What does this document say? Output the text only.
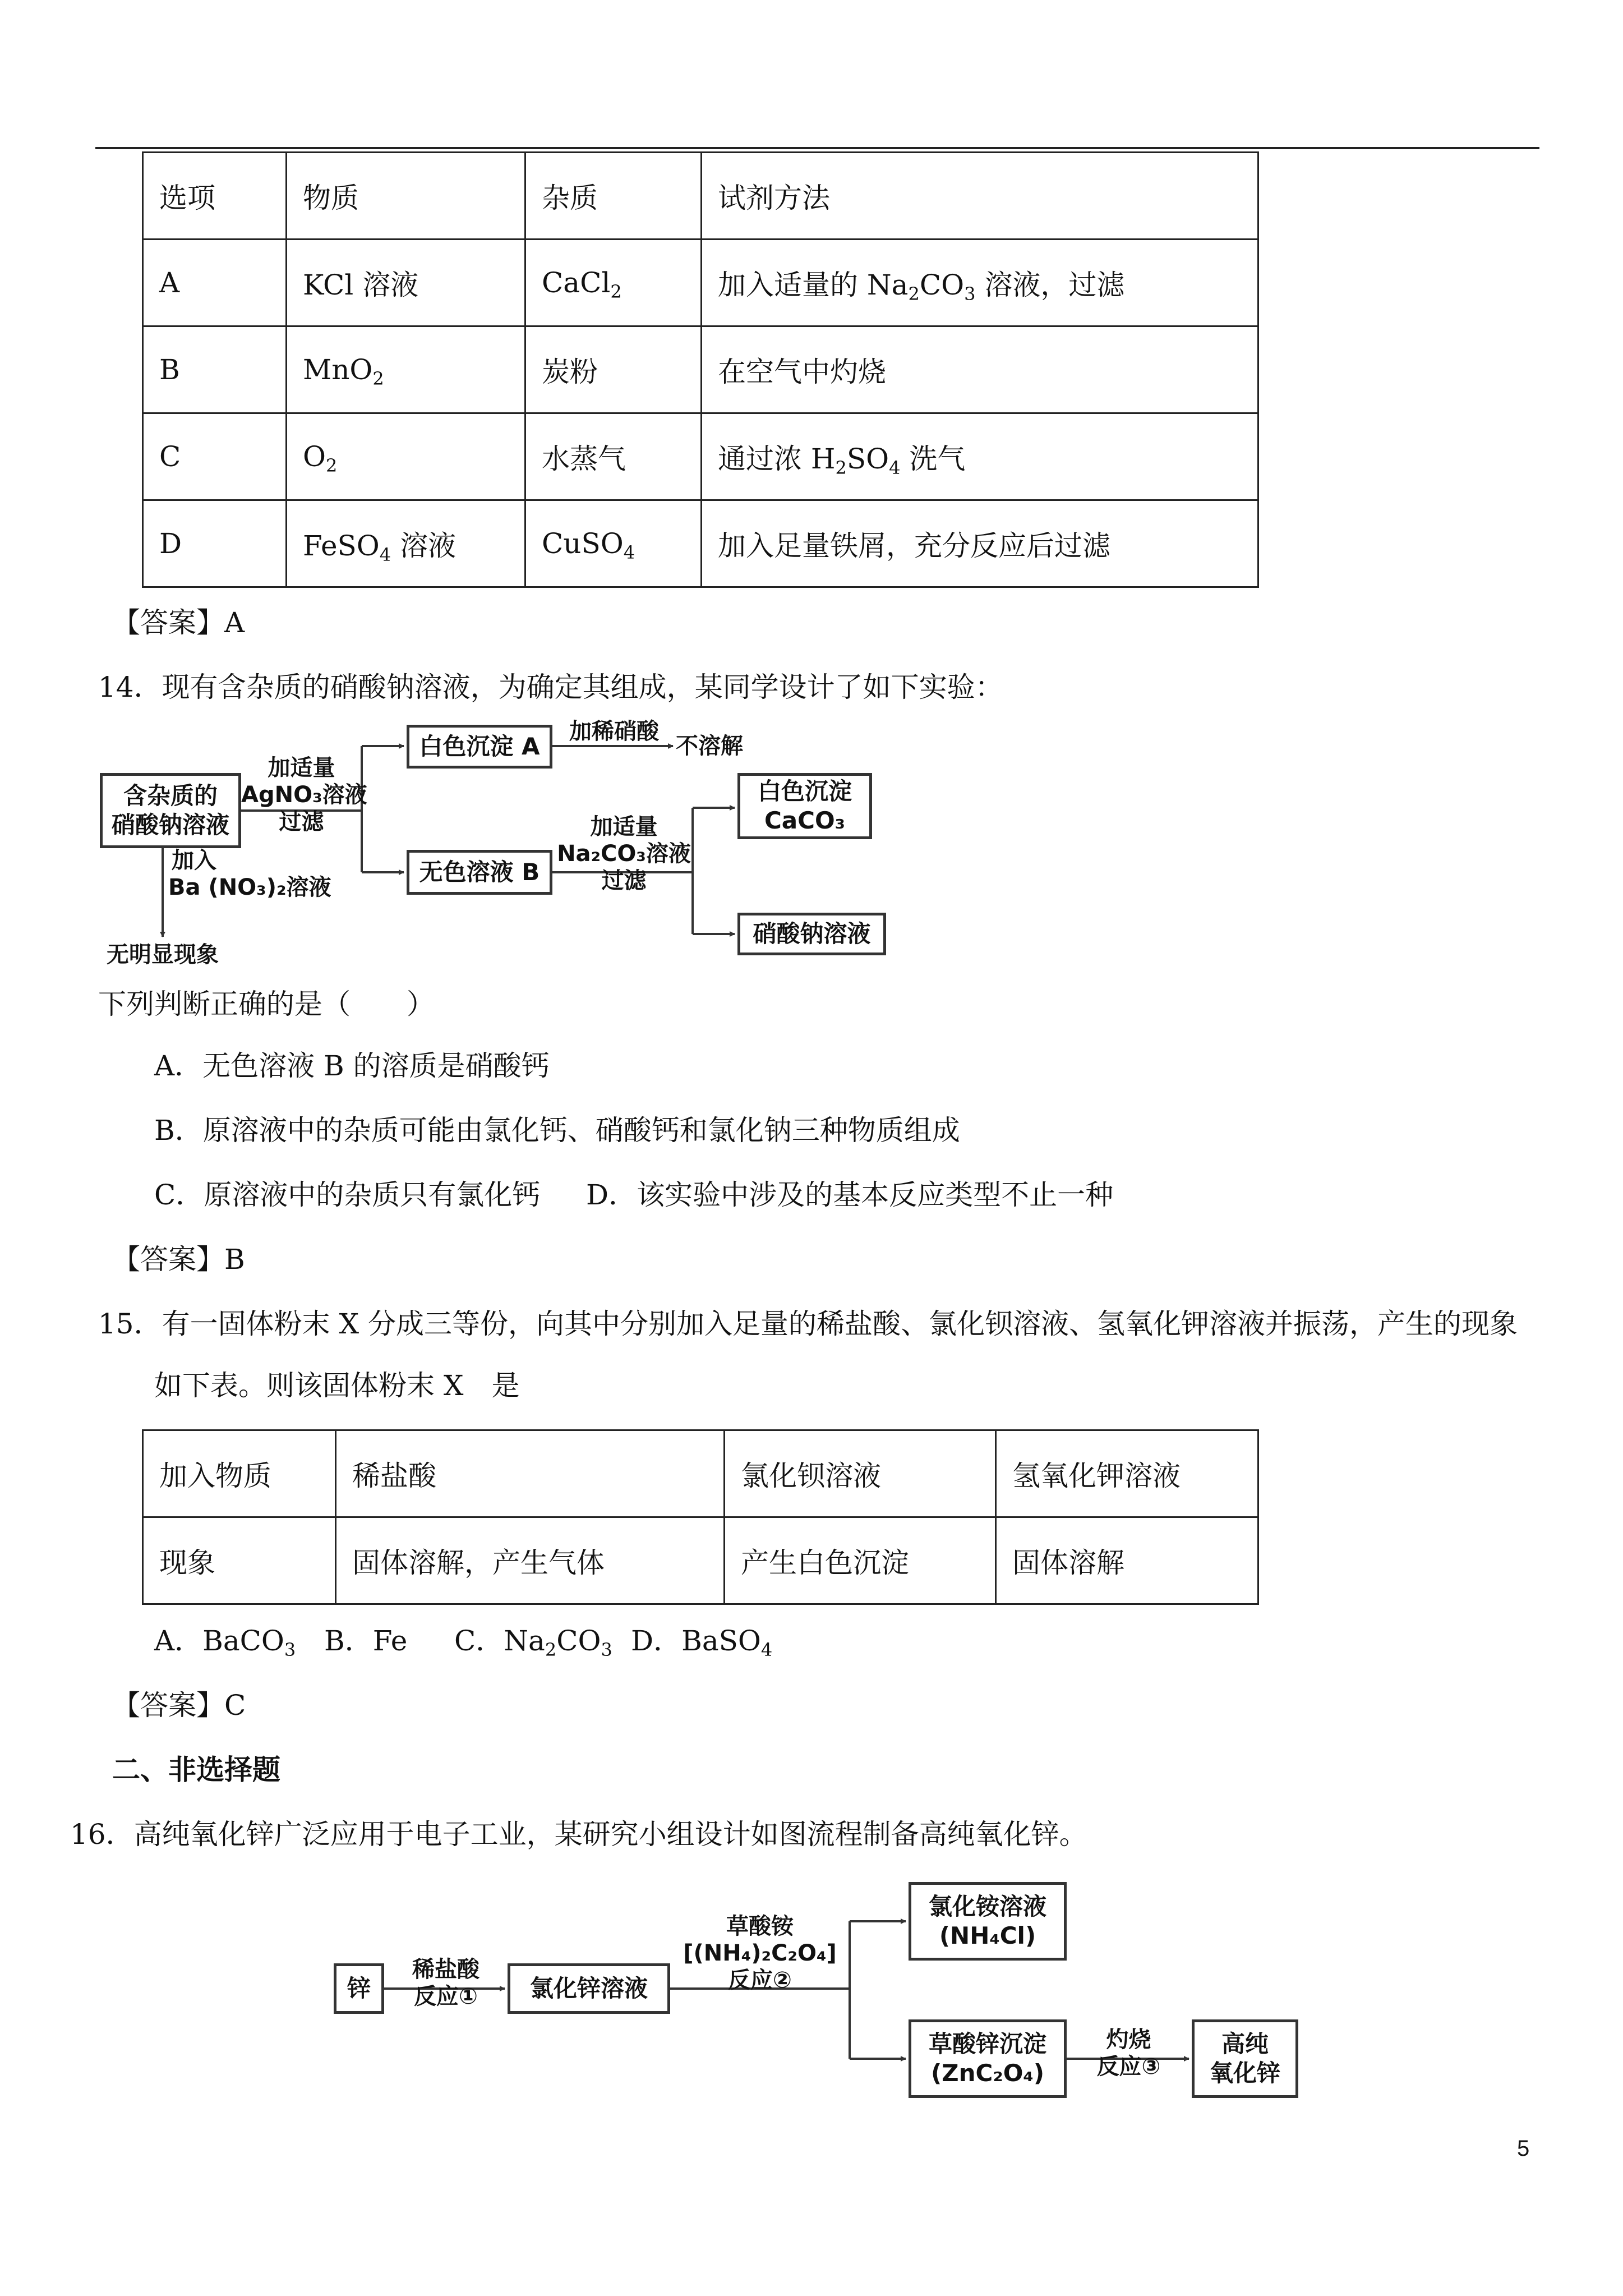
选项	物质	杂质	试剂方法
A	KCl 溶液	CaCl$_2$	加入适量的 $Na_2CO_3$ 溶液，过滤
B	MnO$_2$	炭粉	在空气中灼烧
C	$O_2$	水蒸气	通过浓 $H_2SO_4$ 洗气
D	FeSO$_4$ 溶液	CuSO$_4$	加入足量铁屑，充分反应后过滤
【答案】A
14．现有含杂质的硝酸钠溶液，为确定其组成，某同学设计了如下实验：
含杂质的
硝酸钠溶液
加适量
AgNO₃溶液
过滤
白色沉淀 A
加稀硝酸
不溶解
无色溶液 B
加适量
Na₂CO₃溶液
过滤
白色沉淀
CaCO₃
硝酸钠溶液
加入
Ba (NO₃)₂溶液
无明显现象
下列判断正确的是（　　）
A．无色溶液 B 的溶质是硝酸钙
B．原溶液中的杂质可能由氯化钙、硝酸钙和氯化钠三种物质组成
C．原溶液中的杂质只有氯化钙 D．该实验中涉及的基本反应类型不止一种
【答案】B
15．有一固体粉末 X 分成三等份，向其中分别加入足量的稀盐酸、氯化钡溶液、氢氧化钾溶液并振荡，产生的现象
如下表。则该固体粉末 X　是
加入物质	稀盐酸	氯化钡溶液	氢氧化钾溶液
现象	固体溶解，产生气体	产生白色沉淀	固体溶解
A．BaCO$_3$ B．Fe C．$Na_2CO_3$ D．BaSO$_4$
【答案】C
二、非选择题
16．高纯氧化锌广泛应用于电子工业，某研究小组设计如图流程制备高纯氧化锌。
锌
稀盐酸
反应①	氯化锌溶液
草酸铵
[(NH₄)₂C₂O₄]
反应②
氯化铵溶液
(NH₄Cl)
草酸锌沉淀
(ZnC₂O₄)
灼烧
反应③
高纯
氧化锌
5
